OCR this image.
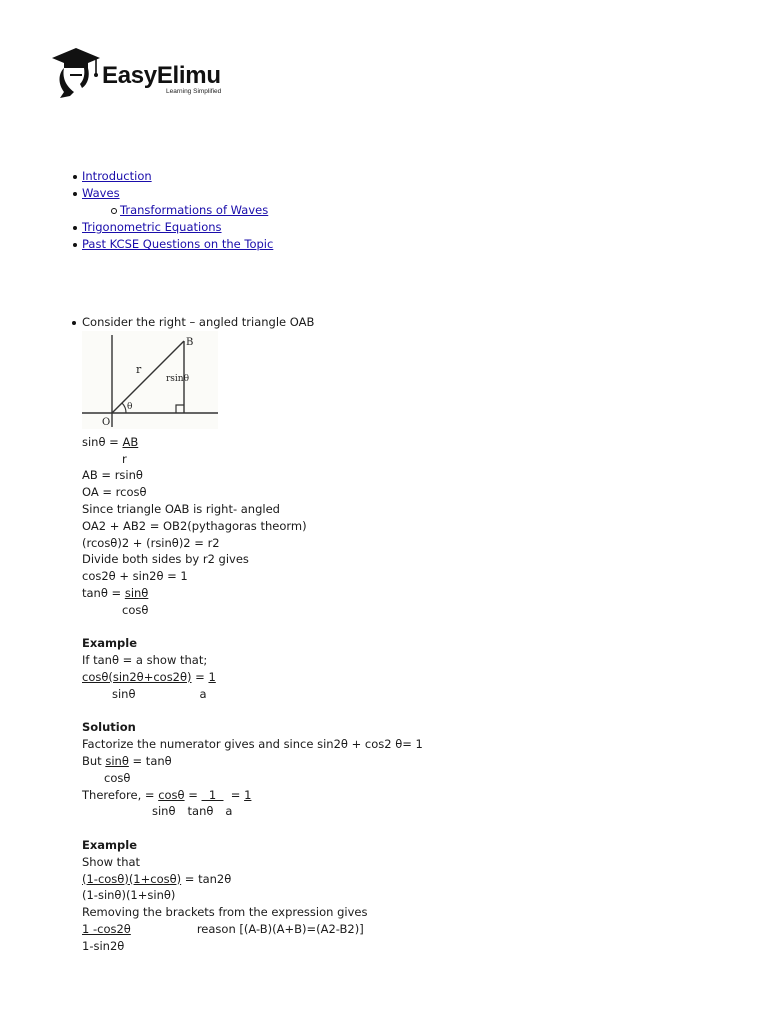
EasyElimu
Learning Simplified
Introduction
Waves
Transformations of Waves
Trigonometric Equations
Past KCSE Questions on the Topic
Consider the right – angled triangle OAB
r
rsinθ
B
O
θ
sinθ = AB
r
AB = rsinθ
OA = rcosθ
Since triangle OAB is right- angled
OA2 + AB2 = OB2(pythagoras theorm)
(rcosθ)2 + (rsinθ)2 = r2
Divide both sides by r2 gives
cos2θ + sin2θ = 1
tanθ = sinθ
cosθ
Example
If tanθ = a show that;
cosθ(sin2θ+cos2θ) = 1
sinθ	a
Solution
Factorize the numerator gives and since sin2θ + cos2 θ= 1
But sinθ = tanθ
cosθ
Therefore, = cosθ =   1    = 1
sinθ tanθ a
Example
Show that
(1-cosθ)(1+cosθ) = tan2θ
(1-sinθ)(1+sinθ)
Removing the brackets from the expression gives
1 -cos2θ	reason [(A-B)(A+B)=(A2-B2)]
1-sin2θ
